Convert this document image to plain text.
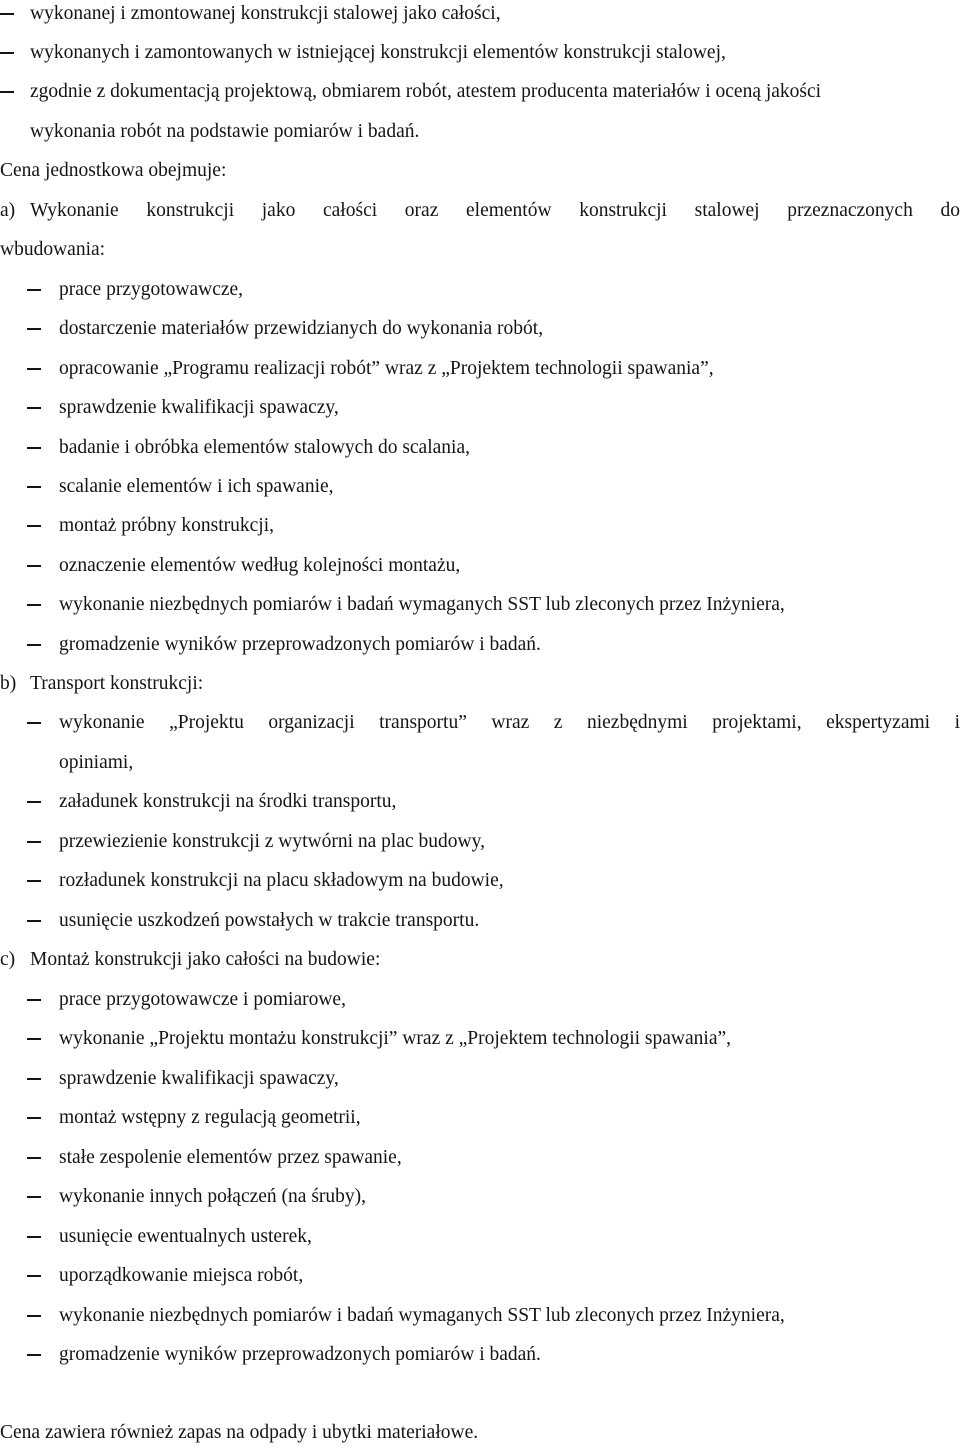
wykonanej i zmontowanej konstrukcji stalowej jako całości,
wykonanych i zamontowanych w istniejącej konstrukcji elementów konstrukcji stalowej,
zgodnie z dokumentacją projektową, obmiarem robót, atestem producenta materiałów i oceną jakości
wykonania robót na podstawie pomiarów i badań.
Cena jednostkowa obejmuje:
a) Wykonanie konstrukcji jako całości oraz elementów konstrukcji stalowej przeznaczonych do
wbudowania:
prace przygotowawcze,
dostarczenie materiałów przewidzianych do wykonania robót,
opracowanie „Programu realizacji robót” wraz z „Projektem technologii spawania”,
sprawdzenie kwalifikacji spawaczy,
badanie i obróbka elementów stalowych do scalania,
scalanie elementów i ich spawanie,
montaż próbny konstrukcji,
oznaczenie elementów według kolejności montażu,
wykonanie niezbędnych pomiarów i badań wymaganych SST lub zleconych przez Inżyniera,
gromadzenie wyników przeprowadzonych pomiarów i badań.
b) Transport konstrukcji:
wykonanie „Projektu organizacji transportu” wraz z niezbędnymi projektami, ekspertyzami i
opiniami,
załadunek konstrukcji na środki transportu,
przewiezienie konstrukcji z wytwórni na plac budowy,
rozładunek konstrukcji na placu składowym na budowie,
usunięcie uszkodzeń powstałych w trakcie transportu.
c) Montaż konstrukcji jako całości na budowie:
prace przygotowawcze i pomiarowe,
wykonanie „Projektu montażu konstrukcji” wraz z „Projektem technologii spawania”,
sprawdzenie kwalifikacji spawaczy,
montaż wstępny z regulacją geometrii,
stałe zespolenie elementów przez spawanie,
wykonanie innych połączeń (na śruby),
usunięcie ewentualnych usterek,
uporządkowanie miejsca robót,
wykonanie niezbędnych pomiarów i badań wymaganych SST lub zleconych przez Inżyniera,
gromadzenie wyników przeprowadzonych pomiarów i badań.
Cena zawiera również zapas na odpady i ubytki materiałowe.
